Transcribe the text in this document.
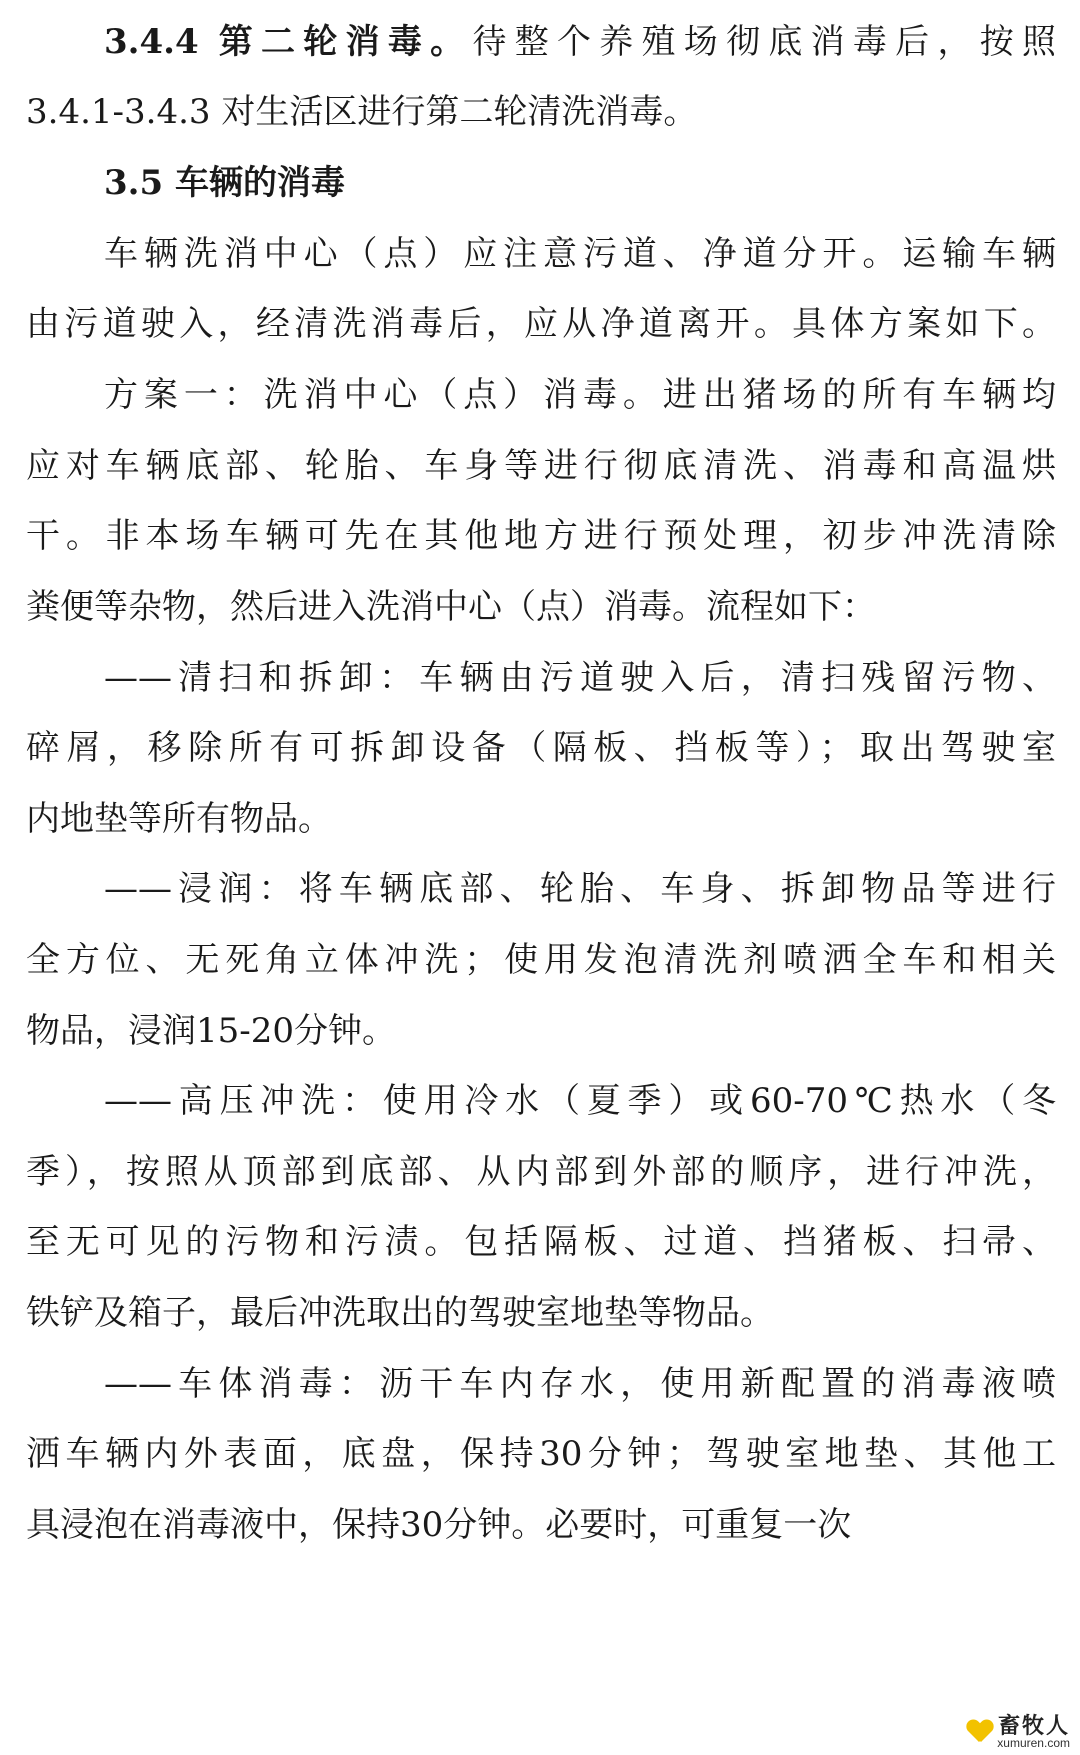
3.4.4 第二轮消毒。待整个养殖场彻底消毒后，按照
3.4.1-3.4.3 对生活区进行第二轮清洗消毒。
3.5 车辆的消毒
车辆洗消中心（点）应注意污道、净道分开。运输车辆
由污道驶入，经清洗消毒后，应从净道离开。具体方案如下。
方案一：洗消中心（点）消毒。进出猪场的所有车辆均
应对车辆底部、轮胎、车身等进行彻底清洗、消毒和高温烘
干。非本场车辆可先在其他地方进行预处理，初步冲洗清除
粪便等杂物，然后进入洗消中心（点）消毒。流程如下：
——清扫和拆卸：车辆由污道驶入后，清扫残留污物、
碎屑，移除所有可拆卸设备（隔板、挡板等）；取出驾驶室
内地垫等所有物品。
——浸润：将车辆底部、轮胎、车身、拆卸物品等进行
全方位、无死角立体冲洗；使用发泡清洗剂喷洒全车和相关
物品，浸润15-20分钟。
——高压冲洗：使用冷水（夏季）或60-70℃热水（冬
季），按照从顶部到底部、从内部到外部的顺序，进行冲洗，
至无可见的污物和污渍。包括隔板、过道、挡猪板、扫帚、
铁铲及箱子，最后冲洗取出的驾驶室地垫等物品。
——车体消毒：沥干车内存水，使用新配置的消毒液喷
洒车辆内外表面，底盘，保持30分钟；驾驶室地垫、其他工
具浸泡在消毒液中，保持30分钟。必要时，可重复一次
畜牧人
xumuren.com
